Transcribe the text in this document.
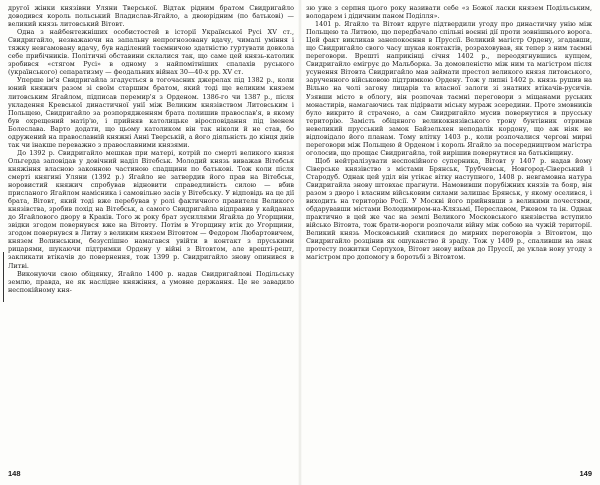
другої жінки князівни Уляни Тверської. Відтак рідним братом Свидригайло доводився король польський Владислав-Ягайло, а двоюрідним (по батькові) — великий князь литовський Вітовт.

Одна з найбентежніших особистостей в історії Української Русі XV ст., Свидригайло, незважаючи на запальну непрогнозовану вдачу, чималі уміння і тяжку невгамовану вдачу, був наділений таємничою здатністю гуртувати довкола себе прибічників. Політичні обставини склалися так, що саме цей князь-католик зробився «стягом Русі» в одному з найпомітніших спалахів руського (українського) сепаратизму — феодальних війнах 30—40-х рр. XV ст.

Уперше ім'я Свидригайла згадується в тогочасних джерелах під 1382 р., коли юний княжич разом зі своїм старшим братом, який тоді ще великим князем литовським Ягайлом, підписав перемир'я з Орденом. 1386-го чи 1387 р., після укладення Кревської династичної унії між Великим князівством Литовським і Польщею, Свидригайло за розпорядженням брата полишив православ'я, в якому був охрещений матір'ю, і прийняв католицьке віросповідання під іменем Болеслава. Варто додати, що цьому католиком він так ніколи й не став, бо одружений на православній княжні Анні Тверській, а його діяльність до кінця днів так чи інакше переважно з православними князями.

До 1392 р. Свидригайло мешкав при матері, котрій по смерті великого князя Ольгерда заповідав у довічний наділ Вітебськ. Молодий князь виважав Вітебськ княжіння власною законною частиною спадщини по батькові. Тож коли після смерті княгині Уляни (1392 р.) Ягайло не затвердив його прав на Вітебськ, норовистий княжич спробував відновити справедливість силою — вбив присланого Ягайлом намісника і самовільно засів у Вітебську. У відповідь на це дії брата, Вітовт, який тоді вже перебував у ролі фактичного правителя Великого князівства, зробив похід на Вітебськ, а самого Свидригайла відправив у кайданах до Ягайлового двору в Краків. Того ж року брат зусиллями Ягайла до Угорщини, звідки згодом повернувся вже на Вітовту. Потім в Угорщину втік до Угорщини, згодом повернувся в Литву з великим князем Вітовтом — Федором Любартовичем, князем Волинським, безуспішно намагався увійти в контакт з пруськими рицарями, шукаючи підтримки Ордену у війні з Вітовтом, але врешті-решт, закликати втікачів до повернення, тож 1399 р. Свидригайло знову опинився в Литві.

Виконуючи свою обіцянку, Ягайло 1400 р. надав Свидригайлові Подільську землю, правда, не як наслідне княжіння, а умовне держання. Це не завадило неспокійному кня-

148

зю уже з серпня цього року називати себе «з Божої ласки князем Подільським, володарем і дідичним паном Поділля».

1401 р. Ягайло та Вітовт вдруге підтвердили угоду про династичну унію між Польщею та Литвою, що передбачало спільні воєнні дії проти зовнішнього ворога. Цей факт викликав занепокоєння в Пруссії. Великий магістр Ордену, згадавши, що Свидригайло свого часу шукав контактів, розраховував, як тепер з ним таємні переговори. Врешті наприкінці січня 1402 р., переодягнувшись купцем, Свидригайло емігрує до Мальборка. За домовленістю між ним та магістром після усунення Вітовта Свидригайло мав займати престол великого князя литовського, зарученного військовою підтримкою Ордену. Тож у липні 1402 р. князь рушив на Вільно на чолі загону лицарів та власної залоги зі знатних втікачів-русичів. Узявши місто в облогу, він розпочав таємні переговори з міщанами руських монастирів, намагаючись так підірвати міську мураж зсередини. Проте змовників було викрито й страчено, а сам Свидригайло мусив повернутися в прусську територію. Замість обіцяного великокнязівського трону бунтівник отримав невеликий прусський замок Байзельхен неподалік кордону, що аж ніяк не відповідало його планам. Тому влітку 1403 р., коли розпочалися чергові мирні переговори між Польщею й Орденом і король Ягайло за посередництвом магістра оголосив, що прощає Свидригайла, той вирішив повернутися на батьківщину.

Щоб нейтралізувати неспокійного суперника, Вітовт у 1407 р. надав йому Сіверське князівство з містами Брянськ, Трубчевськ, Новгород-Сіверський і Стародуб. Однак цей уділ він утікає вітку наступного, 1408 р. невгамовна натура Свидригайла знову штовхає прагнути. Намовивши порубіжних князів та бояр, він разом з дворо і власним військовим силами залишає Брянськ, у якому оселився, і виходить на територію Росії. У Москві його прийнявши з великими почестями, обдарувавши містами Володимиром-на-Клязьмі, Переславом, Ржевом та ін. Однак практично в цей же час на землі Великого Московського князівства вступило військо Вітовта, тож брати-вороги розпочали війну між собою на чужій території. Великий князь Московський схилився до мирних переговорів з Вітовтом, що Свидригайло розцінив як ошуканство й зраду. Тож у 1409 р., спаливши на знак протесту пожитки Серпухов, Вітовт знову виїхав до Пруссії, де уклав нову угоду з магістром про допомогу в боротьбі з Вітовтом.

149
